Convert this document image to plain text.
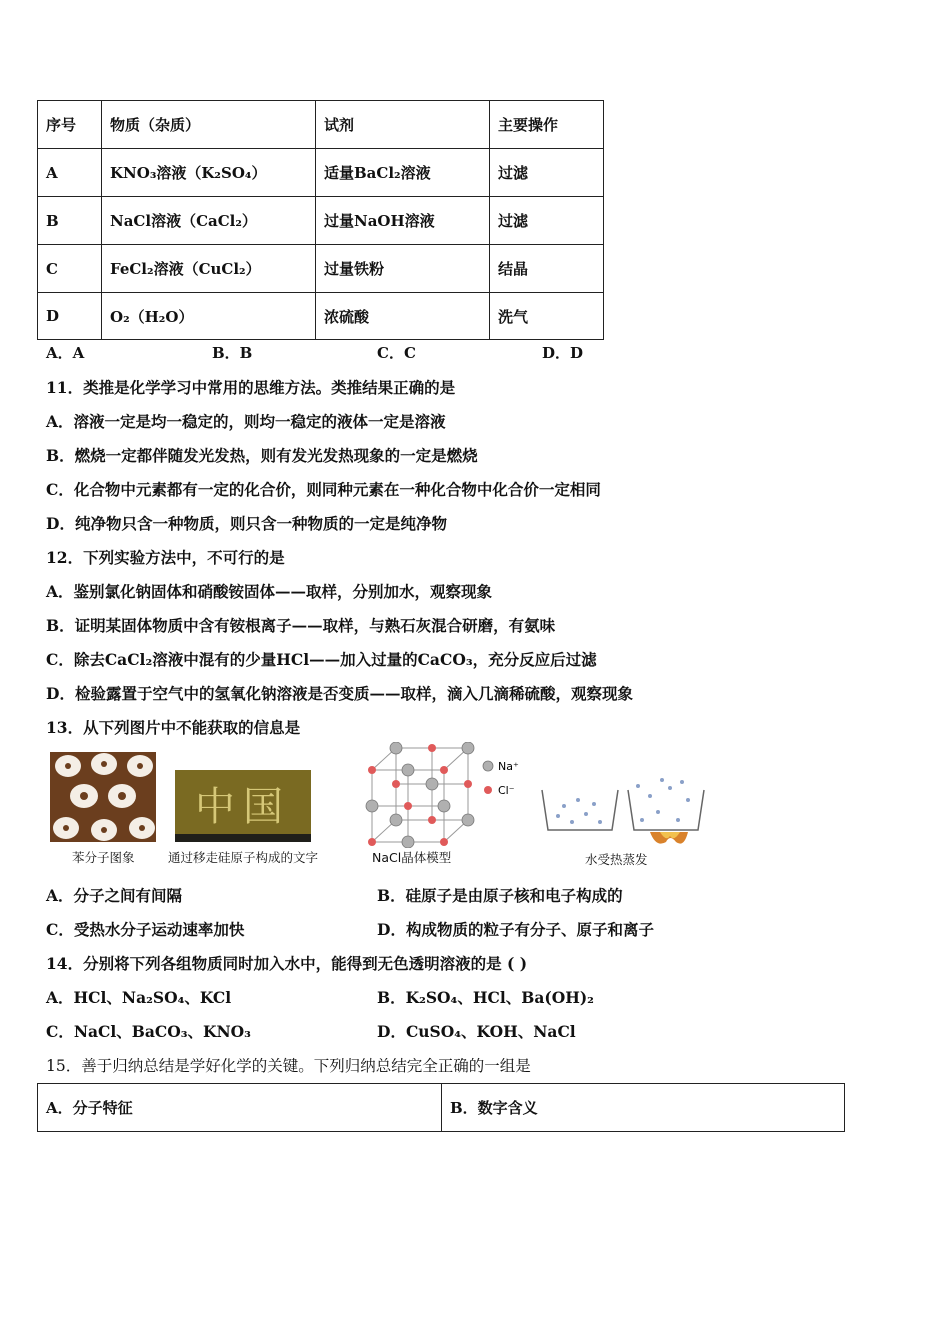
序号	物质（杂质）	试剂	主要操作
A	KNO₃溶液（K₂SO₄）	适量BaCl₂溶液	过滤
B	NaCl溶液（CaCl₂）	过量NaOH溶液	过滤
C	FeCl₂溶液（CuCl₂）	过量铁粉	结晶
D	O₂（H₂O）	浓硫酸	洗气
A．A	B．B	C．C	D．D
11．类推是化学学习中常用的思维方法。类推结果正确的是
A．溶液一定是均一稳定的，则均一稳定的液体一定是溶液
B．燃烧一定都伴随发光发热，则有发光发热现象的一定是燃烧
C．化合物中元素都有一定的化合价，则同种元素在一种化合物中化合价一定相同
D．纯净物只含一种物质，则只含一种物质的一定是纯净物
12．下列实验方法中，不可行的是
A．鉴别氯化钠固体和硝酸铵固体——取样，分别加水，观察现象
B．证明某固体物质中含有铵根离子——取样，与熟石灰混合研磨，有氨味
C．除去CaCl₂溶液中混有的少量HCl——加入过量的CaCO₃，充分反应后过滤
D．检验露置于空气中的氢氧化钠溶液是否变质——取样，滴入几滴稀硫酸，观察现象
13．从下列图片中不能获取的信息是
苯分子图象
中国
通过移走硅原子构成的文字
Na⁺
Cl⁻
NaCl晶体模型	水受热蒸发
A．分子之间有间隔	B．硅原子是由原子核和电子构成的
C．受热水分子运动速率加快	D．构成物质的粒子有分子、原子和离子
14．分别将下列各组物质同时加入水中，能得到无色透明溶液的是 ( )
A．HCl、Na₂SO₄、KCl	B．K₂SO₄、HCl、Ba(OH)₂
C．NaCl、BaCO₃、KNO₃	D．CuSO₄、KOH、NaCl
15．善于归纳总结是学好化学的关键。下列归纳总结完全正确的一组是
A．分子特征	B．数字含义
